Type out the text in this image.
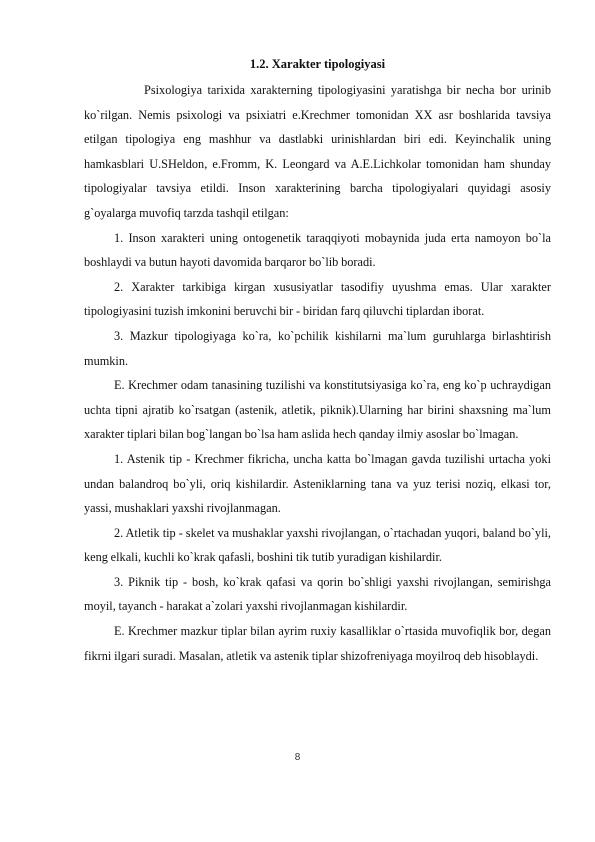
1.2. Xarakter tipologiyasi

Psixologiya tarixida xarakterning tipologiyasini yaratishga bir necha bor urinib ko`rilgan. Nemis psixologi va psixiatri e.Krechmer tomonidan XX asr boshlarida tavsiya etilgan tipologiya eng mashhur va dastlabki urinishlardan biri edi. Keyinchalik uning hamkasblari U.SHeldon, e.Fromm, K. Leongard va A.E.Lichkolar tomonidan ham shunday tipologiyalar tavsiya etildi. Inson xarakterining barcha tipologiyalari quyidagi asosiy g`oyalarga muvofiq tarzda tashqil etilgan:

1. Inson xarakteri uning ontogenetik taraqqiyoti mobaynida juda erta namoyon bo`la boshlaydi va butun hayoti davomida barqaror bo`lib boradi.

2. Xarakter tarkibiga kirgan xususiyatlar tasodifiy uyushma emas. Ular xarakter tipologiyasini tuzish imkonini beruvchi bir - biridan farq qiluvchi tiplardan iborat.

3. Mazkur tipologiyaga ko`ra, ko`pchilik kishilarni ma`lum guruhlarga birlashtirish mumkin.

E. Krechmer odam tanasining tuzilishi va konstitutsiyasiga ko`ra, eng ko`p uchraydigan uchta tipni ajratib ko`rsatgan (astenik, atletik, piknik).Ularning har birini shaxsning ma`lum xarakter tiplari bilan bog`langan bo`lsa ham aslida hech qanday ilmiy asoslar bo`lmagan.

1. Astenik tip - Krechmer fikricha, uncha katta bo`lmagan gavda tuzilishi urtacha yoki undan balandroq bo`yli, oriq kishilardir. Asteniklarning tana va yuz terisi noziq, elkasi tor, yassi, mushaklari yaxshi rivojlanmagan.

2. Atletik tip - skelet va mushaklar yaxshi rivojlangan, o`rtachadan yuqori, baland bo`yli, keng elkali, kuchli ko`krak qafasli, boshini tik tutib yuradigan kishilardir.

3. Piknik tip - bosh, ko`krak qafasi va qorin bo`shligi yaxshi rivojlangan, semirishga moyil, tayanch - harakat a`zolari yaxshi rivojlanmagan kishilardir.

E. Krechmer mazkur tiplar bilan ayrim ruxiy kasalliklar o`rtasida muvofiqlik bor, degan fikrni ilgari suradi. Masalan, atletik va astenik tiplar shizofreniyaga moyilroq deb hisoblaydi.

8
